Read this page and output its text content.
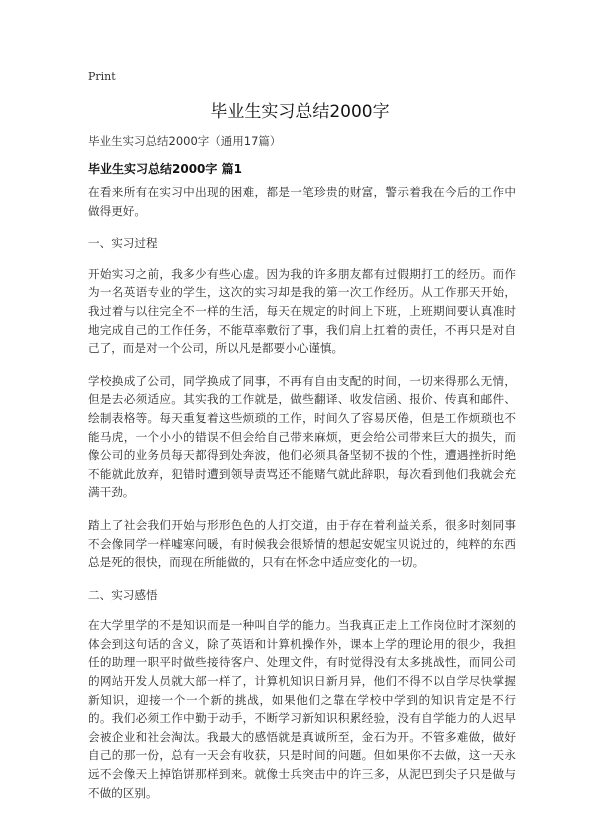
Print
毕业生实习总结2000字
毕业生实习总结2000字（通用17篇）
毕业生实习总结2000字 篇1

在看来所有在实习中出现的困难，都是一笔珍贵的财富，警示着我在今后的工作中做得更好。

一、实习过程

开始实习之前，我多少有些心虚。因为我的许多朋友都有过假期打工的经历。而作为一名英语专业的学生，这次的实习却是我的第一次工作经历。从工作那天开始，我过着与以往完全不一样的生活，每天在规定的时间上下班，上班期间要认真准时地完成自己的工作任务，不能草率敷衍了事，我们肩上扛着的责任，不再只是对自己了，而是对一个公司，所以凡是都要小心谨慎。

学校换成了公司，同学换成了同事，不再有自由支配的时间，一切来得那么无情，但是去必须适应。其实我的工作就是，做些翻译、收发信函、报价、传真和邮件、绘制表格等。每天重复着这些烦琐的工作，时间久了容易厌倦，但是工作烦琐也不能马虎，一个小小的错误不但会给自己带来麻烦，更会给公司带来巨大的损失，而像公司的业务员每天都得到处奔波，他们必须具备坚韧不拔的个性，遭遇挫折时绝不能就此放弃，犯错时遭到领导责骂还不能赌气就此辞职，每次看到他们我就会充满干劲。

踏上了社会我们开始与形形色色的人打交道，由于存在着利益关系，很多时刻同事不会像同学一样嘘寒问暖，有时候我会很矫情的想起安妮宝贝说过的，纯粹的东西总是死的很快，而现在所能做的，只有在怀念中适应变化的一切。

二、实习感悟

在大学里学的不是知识而是一种叫自学的能力。当我真正走上工作岗位时才深刻的体会到这句话的含义，除了英语和计算机操作外，课本上学的理论用的很少，我担任的助理一职平时做些接待客户、处理文件，有时觉得没有太多挑战性，而同公司的网站开发人员就大部一样了，计算机知识日新月异，他们不得不以自学尽快掌握新知识，迎接一个一个新的挑战，如果他们之靠在学校中学到的知识肯定是不行的。我们必须工作中勤于动手，不断学习新知识积累经验，没有自学能力的人迟早会被企业和社会淘汰。我最大的感悟就是真诚所至，金石为开。不管多难做，做好自己的那一份，总有一天会有收获，只是时间的问题。但如果你不去做，这一天永远不会像天上掉馅饼那样到来。就像士兵突击中的许三多，从泥巴到尖子只是做与不做的区别。
